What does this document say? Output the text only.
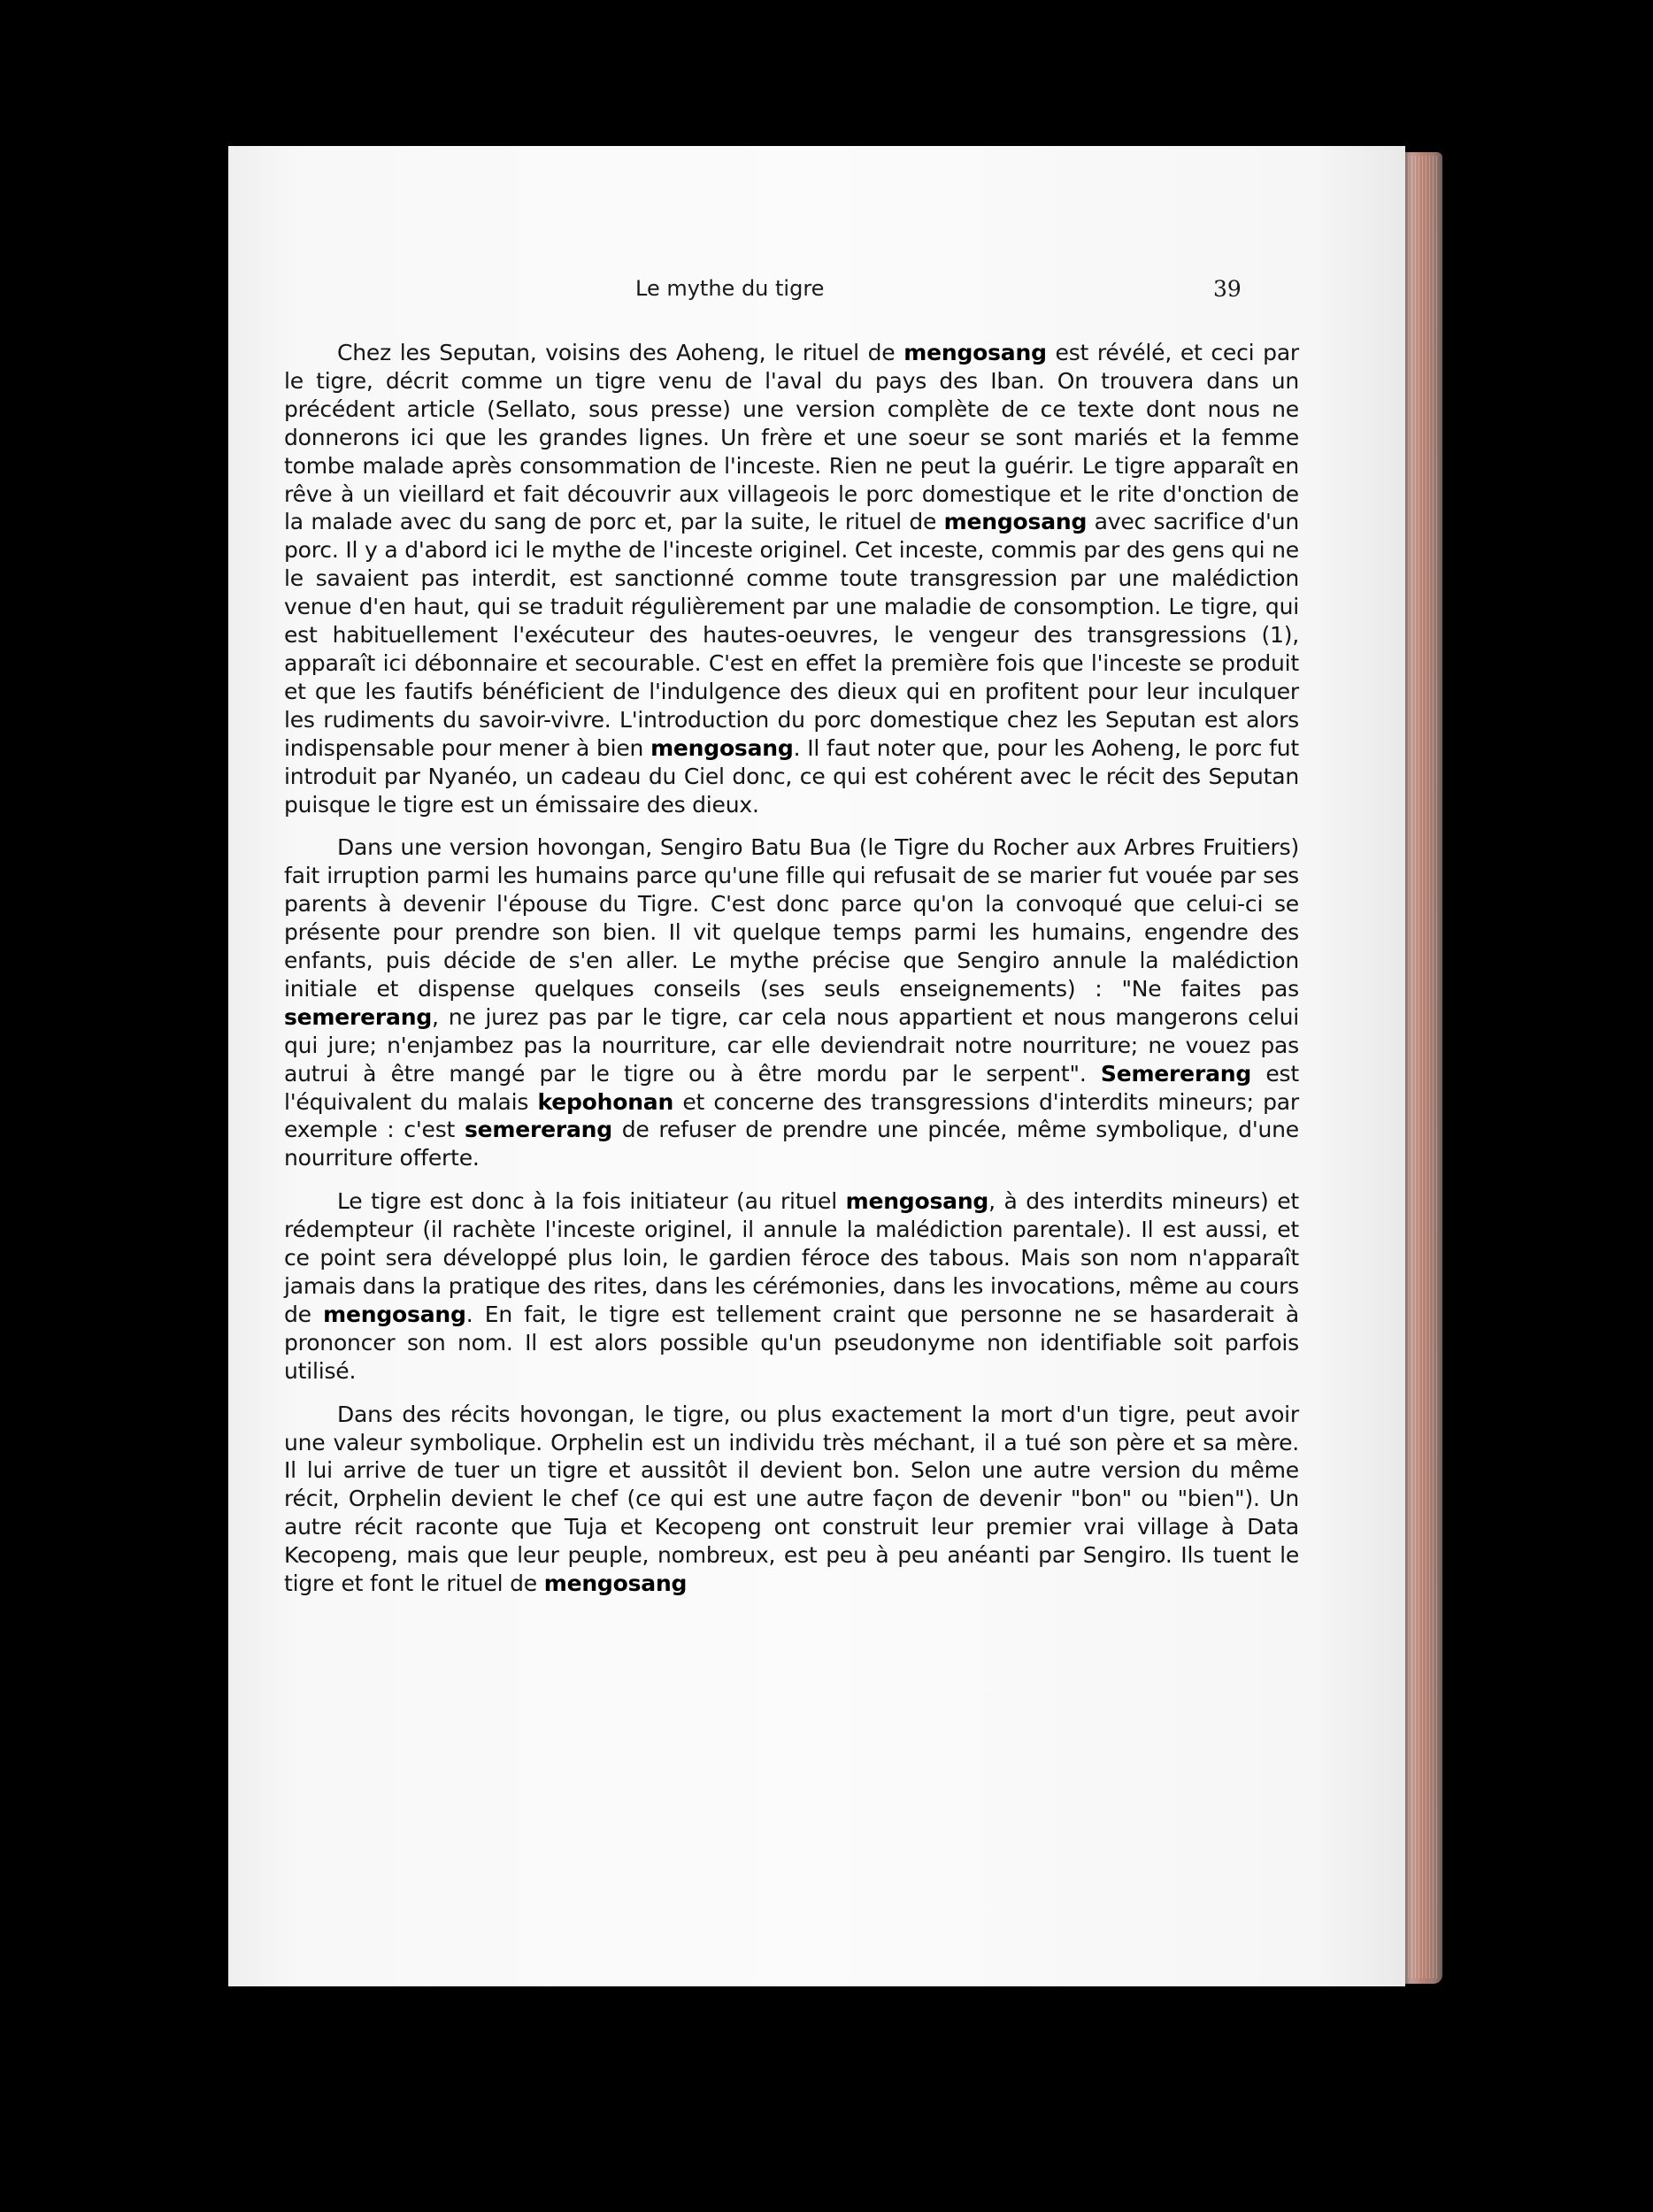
Le mythe du tigre	39

Chez les Seputan, voisins des Aoheng, le rituel de mengosang est révélé, et ceci par le tigre, décrit comme un tigre venu de l'aval du pays des Iban. On trouvera dans un précédent article (Sellato, sous presse) une version complète de ce texte dont nous ne donnerons ici que les grandes lignes. Un frère et une soeur se sont mariés et la femme tombe malade après consommation de l'inceste. Rien ne peut la guérir. Le tigre apparaît en rêve à un vieillard et fait découvrir aux villageois le porc domestique et le rite d'onction de la malade avec du sang de porc et, par la suite, le rituel de mengosang avec sacrifice d'un porc. Il y a d'abord ici le mythe de l'inceste originel. Cet inceste, commis par des gens qui ne le savaient pas interdit, est sanctionné comme toute transgression par une malédiction venue d'en haut, qui se traduit régulièrement par une maladie de consomption. Le tigre, qui est habituellement l'exécuteur des hautes-oeuvres, le vengeur des transgressions (1), apparaît ici débonnaire et secourable. C'est en effet la première fois que l'inceste se produit et que les fautifs bénéficient de l'indulgence des dieux qui en profitent pour leur inculquer les rudiments du savoir-vivre. L'introduction du porc domestique chez les Seputan est alors indispensable pour mener à bien mengosang. Il faut noter que, pour les Aoheng, le porc fut introduit par Nyanéo, un cadeau du Ciel donc, ce qui est cohérent avec le récit des Seputan puisque le tigre est un émissaire des dieux.

Dans une version hovongan, Sengiro Batu Bua (le Tigre du Rocher aux Arbres Fruitiers) fait irruption parmi les humains parce qu'une fille qui refusait de se marier fut vouée par ses parents à devenir l'épouse du Tigre. C'est donc parce qu'on la convoqué que celui-ci se présente pour prendre son bien. Il vit quelque temps parmi les humains, engendre des enfants, puis décide de s'en aller. Le mythe précise que Sengiro annule la malédiction initiale et dispense quelques conseils (ses seuls enseignements) : "Ne faites pas semererang, ne jurez pas par le tigre, car cela nous appartient et nous mangerons celui qui jure; n'enjambez pas la nourriture, car elle deviendrait notre nourriture; ne vouez pas autrui à être mangé par le tigre ou à être mordu par le serpent". Semererang est l'équivalent du malais kepohonan et concerne des transgressions d'interdits mineurs; par exemple : c'est semererang de refuser de prendre une pincée, même symbolique, d'une nourriture offerte.

Le tigre est donc à la fois initiateur (au rituel mengosang, à des interdits mineurs) et rédempteur (il rachète l'inceste originel, il annule la malédiction parentale). Il est aussi, et ce point sera développé plus loin, le gardien féroce des tabous. Mais son nom n'apparaît jamais dans la pratique des rites, dans les cérémonies, dans les invocations, même au cours de mengosang. En fait, le tigre est tellement craint que personne ne se hasarderait à prononcer son nom. Il est alors possible qu'un pseudonyme non identifiable soit parfois utilisé.

Dans des récits hovongan, le tigre, ou plus exactement la mort d'un tigre, peut avoir une valeur symbolique. Orphelin est un individu très méchant, il a tué son père et sa mère. Il lui arrive de tuer un tigre et aussitôt il devient bon. Selon une autre version du même récit, Orphelin devient le chef (ce qui est une autre façon de devenir "bon" ou "bien"). Un autre récit raconte que Tuja et Kecopeng ont construit leur premier vrai village à Data Kecopeng, mais que leur peuple, nombreux, est peu à peu anéanti par Sengiro. Ils tuent le tigre et font le rituel de mengosang
